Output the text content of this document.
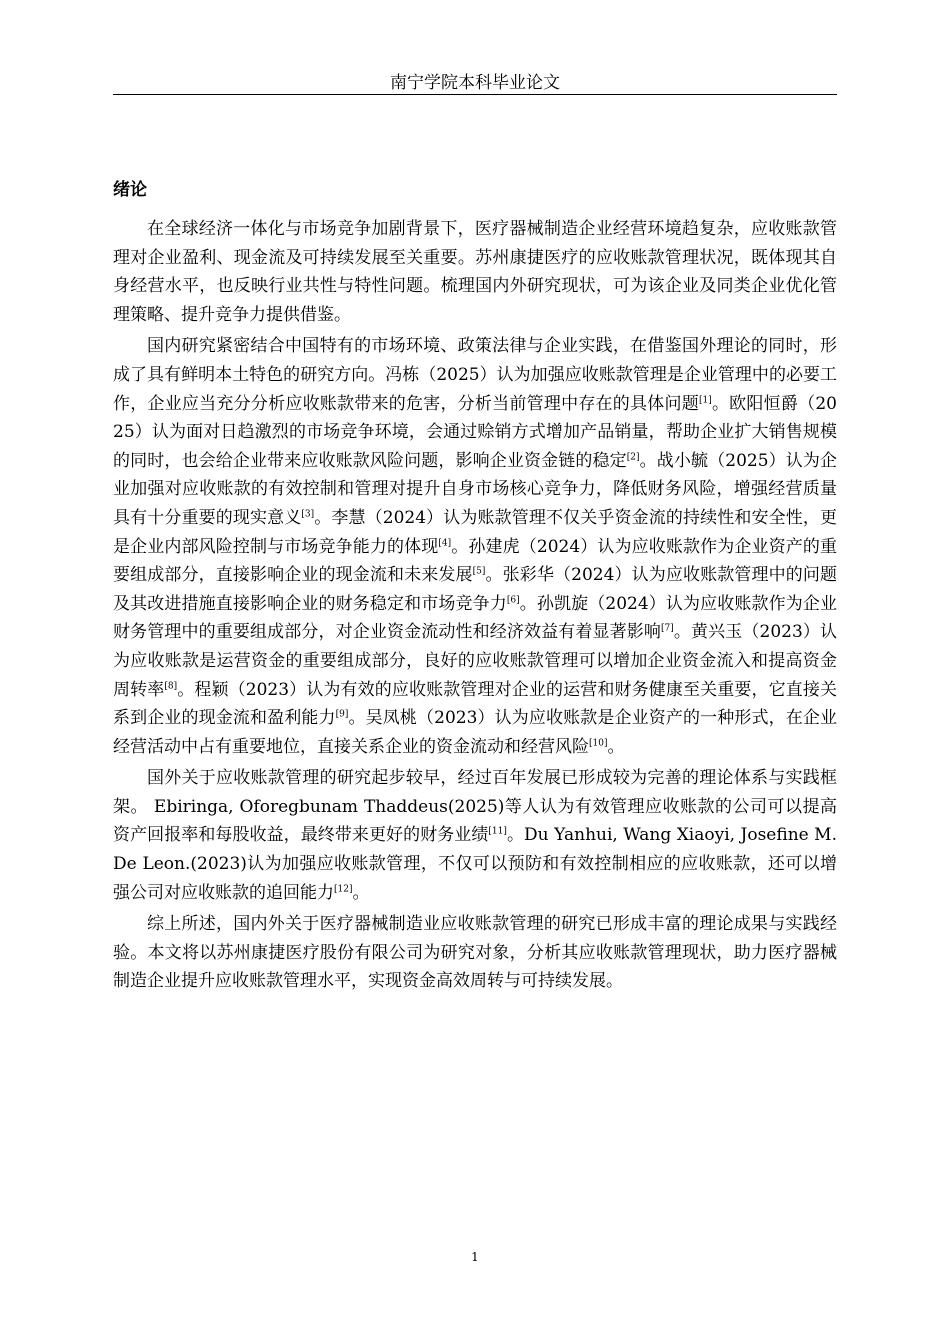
南宁学院本科毕业论文
绪论

在全球经济一体化与市场竞争加剧背景下，医疗器械制造企业经营环境趋复杂，应收账款管理对企业盈利、现金流及可持续发展至关重要。苏州康捷医疗的应收账款管理状况，既体现其自身经营水平，也反映行业共性与特性问题。梳理国内外研究现状，可为该企业及同类企业优化管理策略、提升竞争力提供借鉴。

国内研究紧密结合中国特有的市场环境、政策法律与企业实践，在借鉴国外理论的同时，形成了具有鲜明本土特色的研究方向。冯栋（2025）认为加强应收账款管理是企业管理中的必要工作，企业应当充分分析应收账款带来的危害，分析当前管理中存在的具体问题[1]。欧阳恒爵（2025）认为面对日趋激烈的市场竞争环境，会通过赊销方式增加产品销量，帮助企业扩大销售规模的同时，也会给企业带来应收账款风险问题，影响企业资金链的稳定[2]。战小毓（2025）认为企业加强对应收账款的有效控制和管理对提升自身市场核心竞争力，降低财务风险，增强经营质量具有十分重要的现实意义[3]。李慧（2024）认为账款管理不仅关乎资金流的持续性和安全性，更是企业内部风险控制与市场竞争能力的体现[4]。孙建虎（2024）认为应收账款作为企业资产的重要组成部分，直接影响企业的现金流和未来发展[5]。张彩华（2024）认为应收账款管理中的问题及其改进措施直接影响企业的财务稳定和市场竞争力[6]。孙凯旋（2024）认为应收账款作为企业财务管理中的重要组成部分，对企业资金流动性和经济效益有着显著影响[7]。黄兴玉（2023）认为应收账款是运营资金的重要组成部分，良好的应收账款管理可以增加企业资金流入和提高资金周转率[8]。程颖（2023）认为有效的应收账款管理对企业的运营和财务健康至关重要，它直接关系到企业的现金流和盈利能力[9]。吴凤桃（2023）认为应收账款是企业资产的一种形式，在企业经营活动中占有重要地位，直接关系企业的资金流动和经营风险[10]。

国外关于应收账款管理的研究起步较早，经过百年发展已形成较为完善的理论体系与实践框架。 Ebiringa, Oforegbunam Thaddeus(2025)等人认为有效管理应收账款的公司可以提高资产回报率和每股收益，最终带来更好的财务业绩[11]。Du Yanhui, Wang Xiaoyi, Josefine M. De Leon.(2023)认为加强应收账款管理，不仅可以预防和有效控制相应的应收账款，还可以增强公司对应收账款的追回能力[12]。

综上所述，国内外关于医疗器械制造业应收账款管理的研究已形成丰富的理论成果与实践经验。本文将以苏州康捷医疗股份有限公司为研究对象，分析其应收账款管理现状，助力医疗器械制造企业提升应收账款管理水平，实现资金高效周转与可持续发展。

1
